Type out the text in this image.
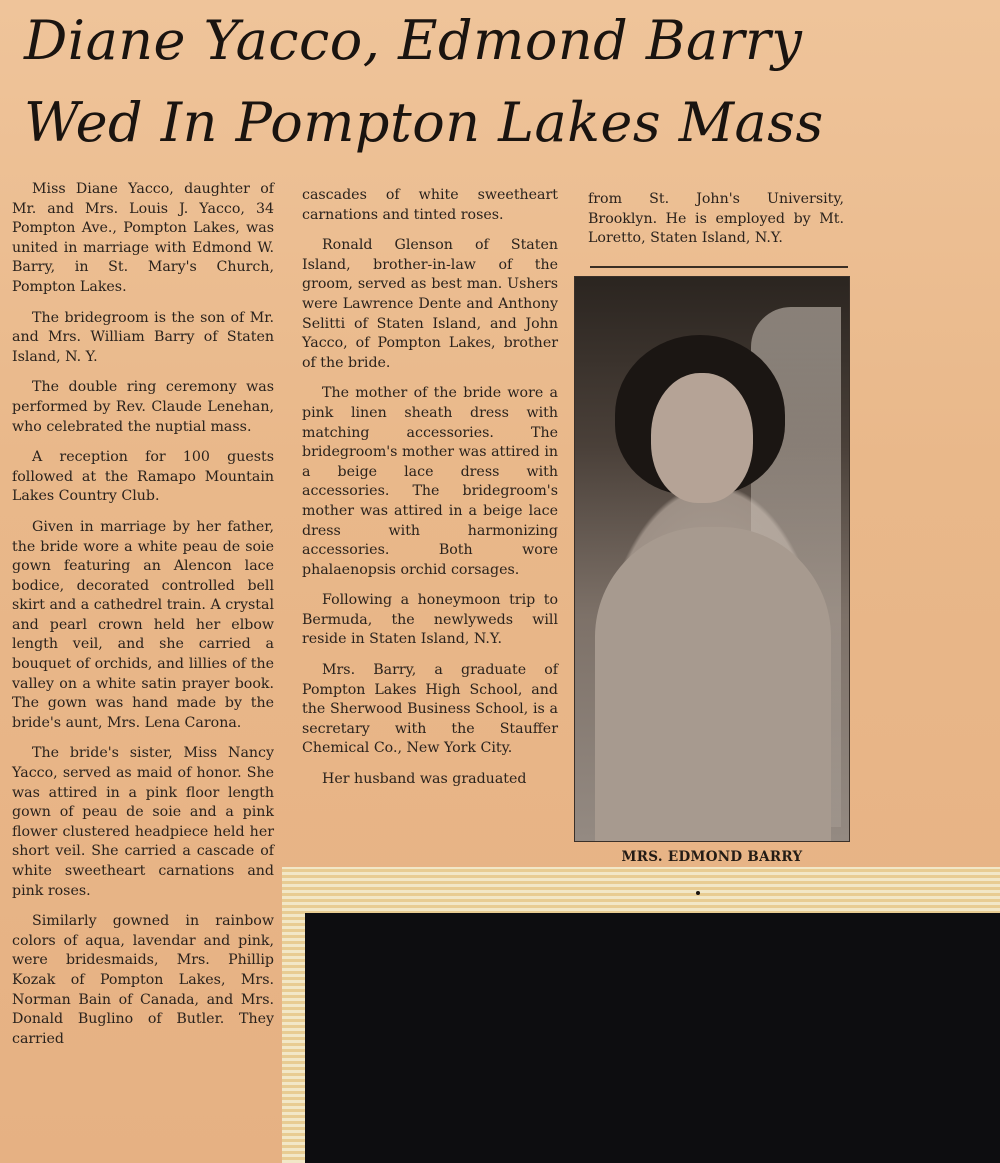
Diane Yacco, Edmond Barry
Wed In Pompton Lakes Mass

Miss Diane Yacco, daughter of Mr. and Mrs. Louis J. Yacco, 34 Pompton Ave., Pompton Lakes, was united in marriage with Edmond W. Barry, in St. Mary's Church, Pompton Lakes.

The bridegroom is the son of Mr. and Mrs. William Barry of Staten Island, N. Y.

The double ring ceremony was performed by Rev. Claude Lenehan, who celebrated the nuptial mass.

A reception for 100 guests followed at the Ramapo Mountain Lakes Country Club.

Given in marriage by her father, the bride wore a white peau de soie gown featuring an Alencon lace bodice, decorated controlled bell skirt and a cathedrel train. A crystal and pearl crown held her elbow length veil, and she carried a bouquet of orchids, and lillies of the valley on a white satin prayer book. The gown was hand made by the bride's aunt, Mrs. Lena Carona.

The bride's sister, Miss Nancy Yacco, served as maid of honor. She was attired in a pink floor length gown of peau de soie and a pink flower clustered headpiece held her short veil. She carried a cascade of white sweetheart carnations and pink roses.

Similarly gowned in rainbow colors of aqua, lavendar and pink, were bridesmaids, Mrs. Phillip Kozak of Pompton Lakes, Mrs. Norman Bain of Canada, and Mrs. Donald Buglino of Butler. They carried

cascades of white sweetheart carnations and tinted roses.

Ronald Glenson of Staten Island, brother-in-law of the groom, served as best man. Ushers were Lawrence Dente and Anthony Selitti of Staten Island, and John Yacco, of Pompton Lakes, brother of the bride.

The mother of the bride wore a pink linen sheath dress with matching accessories. The bridegroom's mother was attired in a beige lace dress with accessories. The bridegroom's mother was attired in a beige lace dress with harmonizing accessories. Both wore phalaenopsis orchid corsages.

Following a honeymoon trip to Bermuda, the newlyweds will reside in Staten Island, N.Y.

Mrs. Barry, a graduate of Pompton Lakes High School, and the Sherwood Business School, is a secretary with the Stauffer Chemical Co., New York City.

Her husband was graduated

from St. John's University, Brooklyn. He is employed by Mt. Loretto, Staten Island, N.Y.

MRS. EDMOND BARRY
